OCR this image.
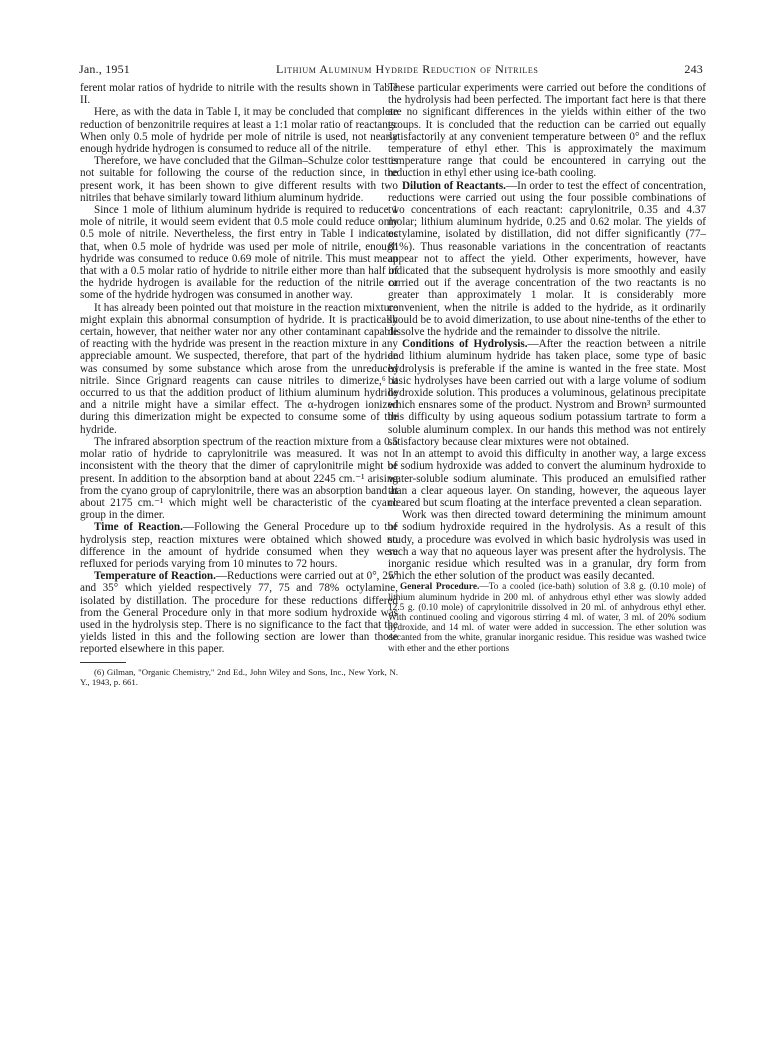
Jan., 1951	Lithium Aluminum Hydride Reduction of Nitriles	243

ferent molar ratios of hydride to nitrile with the results shown in Table II.

Here, as with the data in Table I, it may be concluded that complete reduction of benzonitrile requires at least a 1:1 molar ratio of reactants. When only 0.5 mole of hydride per mole of nitrile is used, not nearly enough hydride hydrogen is consumed to reduce all of the nitrile.

Therefore, we have concluded that the Gilman–Schulze color test is not suitable for following the course of the reduction since, in the present work, it has been shown to give different results with two nitriles that behave similarly toward lithium aluminum hydride.

Since 1 mole of lithium aluminum hydride is required to reduce 1 mole of nitrile, it would seem evident that 0.5 mole could reduce only 0.5 mole of nitrile. Nevertheless, the first entry in Table I indicates that, when 0.5 mole of hydride was used per mole of nitrile, enough hydride was consumed to reduce 0.69 mole of nitrile. This must mean that with a 0.5 molar ratio of hydride to nitrile either more than half of the hydride hydrogen is available for the reduction of the nitrile or some of the hydride hydrogen was consumed in another way.

It has already been pointed out that moisture in the reaction mixture might explain this abnormal consumption of hydride. It is practically certain, however, that neither water nor any other contaminant capable of reacting with the hydride was present in the reaction mixture in any appreciable amount. We suspected, therefore, that part of the hydride was consumed by some substance which arose from the unreduced nitrile. Since Grignard reagents can cause nitriles to dimerize,⁶ it occurred to us that the addition product of lithium aluminum hydride and a nitrile might have a similar effect. The α-hydrogen ionized during this dimerization might be expected to consume some of the hydride.

The infrared absorption spectrum of the reaction mixture from a 0.5 molar ratio of hydride to caprylonitrile was measured. It was not inconsistent with the theory that the dimer of caprylonitrile might be present. In addition to the absorption band at about 2245 cm.⁻¹ arising from the cyano group of caprylonitrile, there was an absorption band at about 2175 cm.⁻¹ which might well be characteristic of the cyano group in the dimer.

Time of Reaction.—Following the General Procedure up to the hydrolysis step, reaction mixtures were obtained which showed no difference in the amount of hydride consumed when they were refluxed for periods varying from 10 minutes to 72 hours.

Temperature of Reaction.—Reductions were carried out at 0°, 25° and 35° which yielded respectively 77, 75 and 78% octylamine, isolated by distillation. The procedure for these reductions differed from the General Procedure only in that more sodium hydroxide was used in the hydrolysis step. There is no significance to the fact that the yields listed in this and the following section are lower than those reported elsewhere in this paper.

(6) Gilman, "Organic Chemistry," 2nd Ed., John Wiley and Sons, Inc., New York, N. Y., 1943, p. 661.

These particular experiments were carried out before the conditions of the hydrolysis had been perfected. The important fact here is that there are no significant differences in the yields within either of the two groups. It is concluded that the reduction can be carried out equally satisfactorily at any convenient temperature between 0° and the reflux temperature of ethyl ether. This is approximately the maximum temperature range that could be encountered in carrying out the reduction in ethyl ether using ice-bath cooling.

Dilution of Reactants.—In order to test the effect of concentration, reductions were carried out using the four possible combinations of two concentrations of each reactant: caprylonitrile, 0.35 and 4.37 molar; lithium aluminum hydride, 0.25 and 0.62 molar. The yields of octylamine, isolated by distillation, did not differ significantly (77–81%). Thus reasonable variations in the concentration of reactants appear not to affect the yield. Other experiments, however, have indicated that the subsequent hydrolysis is more smoothly and easily carried out if the average concentration of the two reactants is no greater than approximately 1 molar. It is considerably more convenient, when the nitrile is added to the hydride, as it ordinarily should be to avoid dimerization, to use about nine-tenths of the ether to dissolve the hydride and the remainder to dissolve the nitrile.

Conditions of Hydrolysis.—After the reaction between a nitrile and lithium aluminum hydride has taken place, some type of basic hydrolysis is preferable if the amine is wanted in the free state. Most basic hydrolyses have been carried out with a large volume of sodium hydroxide solution. This produces a voluminous, gelatinous precipitate which ensnares some of the product. Nystrom and Brown³ surmounted this difficulty by using aqueous sodium potassium tartrate to form a soluble aluminum complex. In our hands this method was not entirely satisfactory because clear mixtures were not obtained.

In an attempt to avoid this difficulty in another way, a large excess of sodium hydroxide was added to convert the aluminum hydroxide to water-soluble sodium aluminate. This produced an emulsified rather than a clear aqueous layer. On standing, however, the aqueous layer cleared but scum floating at the interface prevented a clean separation.

Work was then directed toward determining the minimum amount of sodium hydroxide required in the hydrolysis. As a result of this study, a procedure was evolved in which basic hydrolysis was used in such a way that no aqueous layer was present after the hydrolysis. The inorganic residue which resulted was in a granular, dry form from which the ether solution of the product was easily decanted.

General Procedure.—To a cooled (ice-bath) solution of 3.8 g. (0.10 mole) of lithium aluminum hydride in 200 ml. of anhydrous ethyl ether was slowly added 12.5 g. (0.10 mole) of caprylonitrile dissolved in 20 ml. of anhydrous ethyl ether. With continued cooling and vigorous stirring 4 ml. of water, 3 ml. of 20% sodium hydroxide, and 14 ml. of water were added in succession. The ether solution was decanted from the white, granular inorganic residue. This residue was washed twice with ether and the ether portions
